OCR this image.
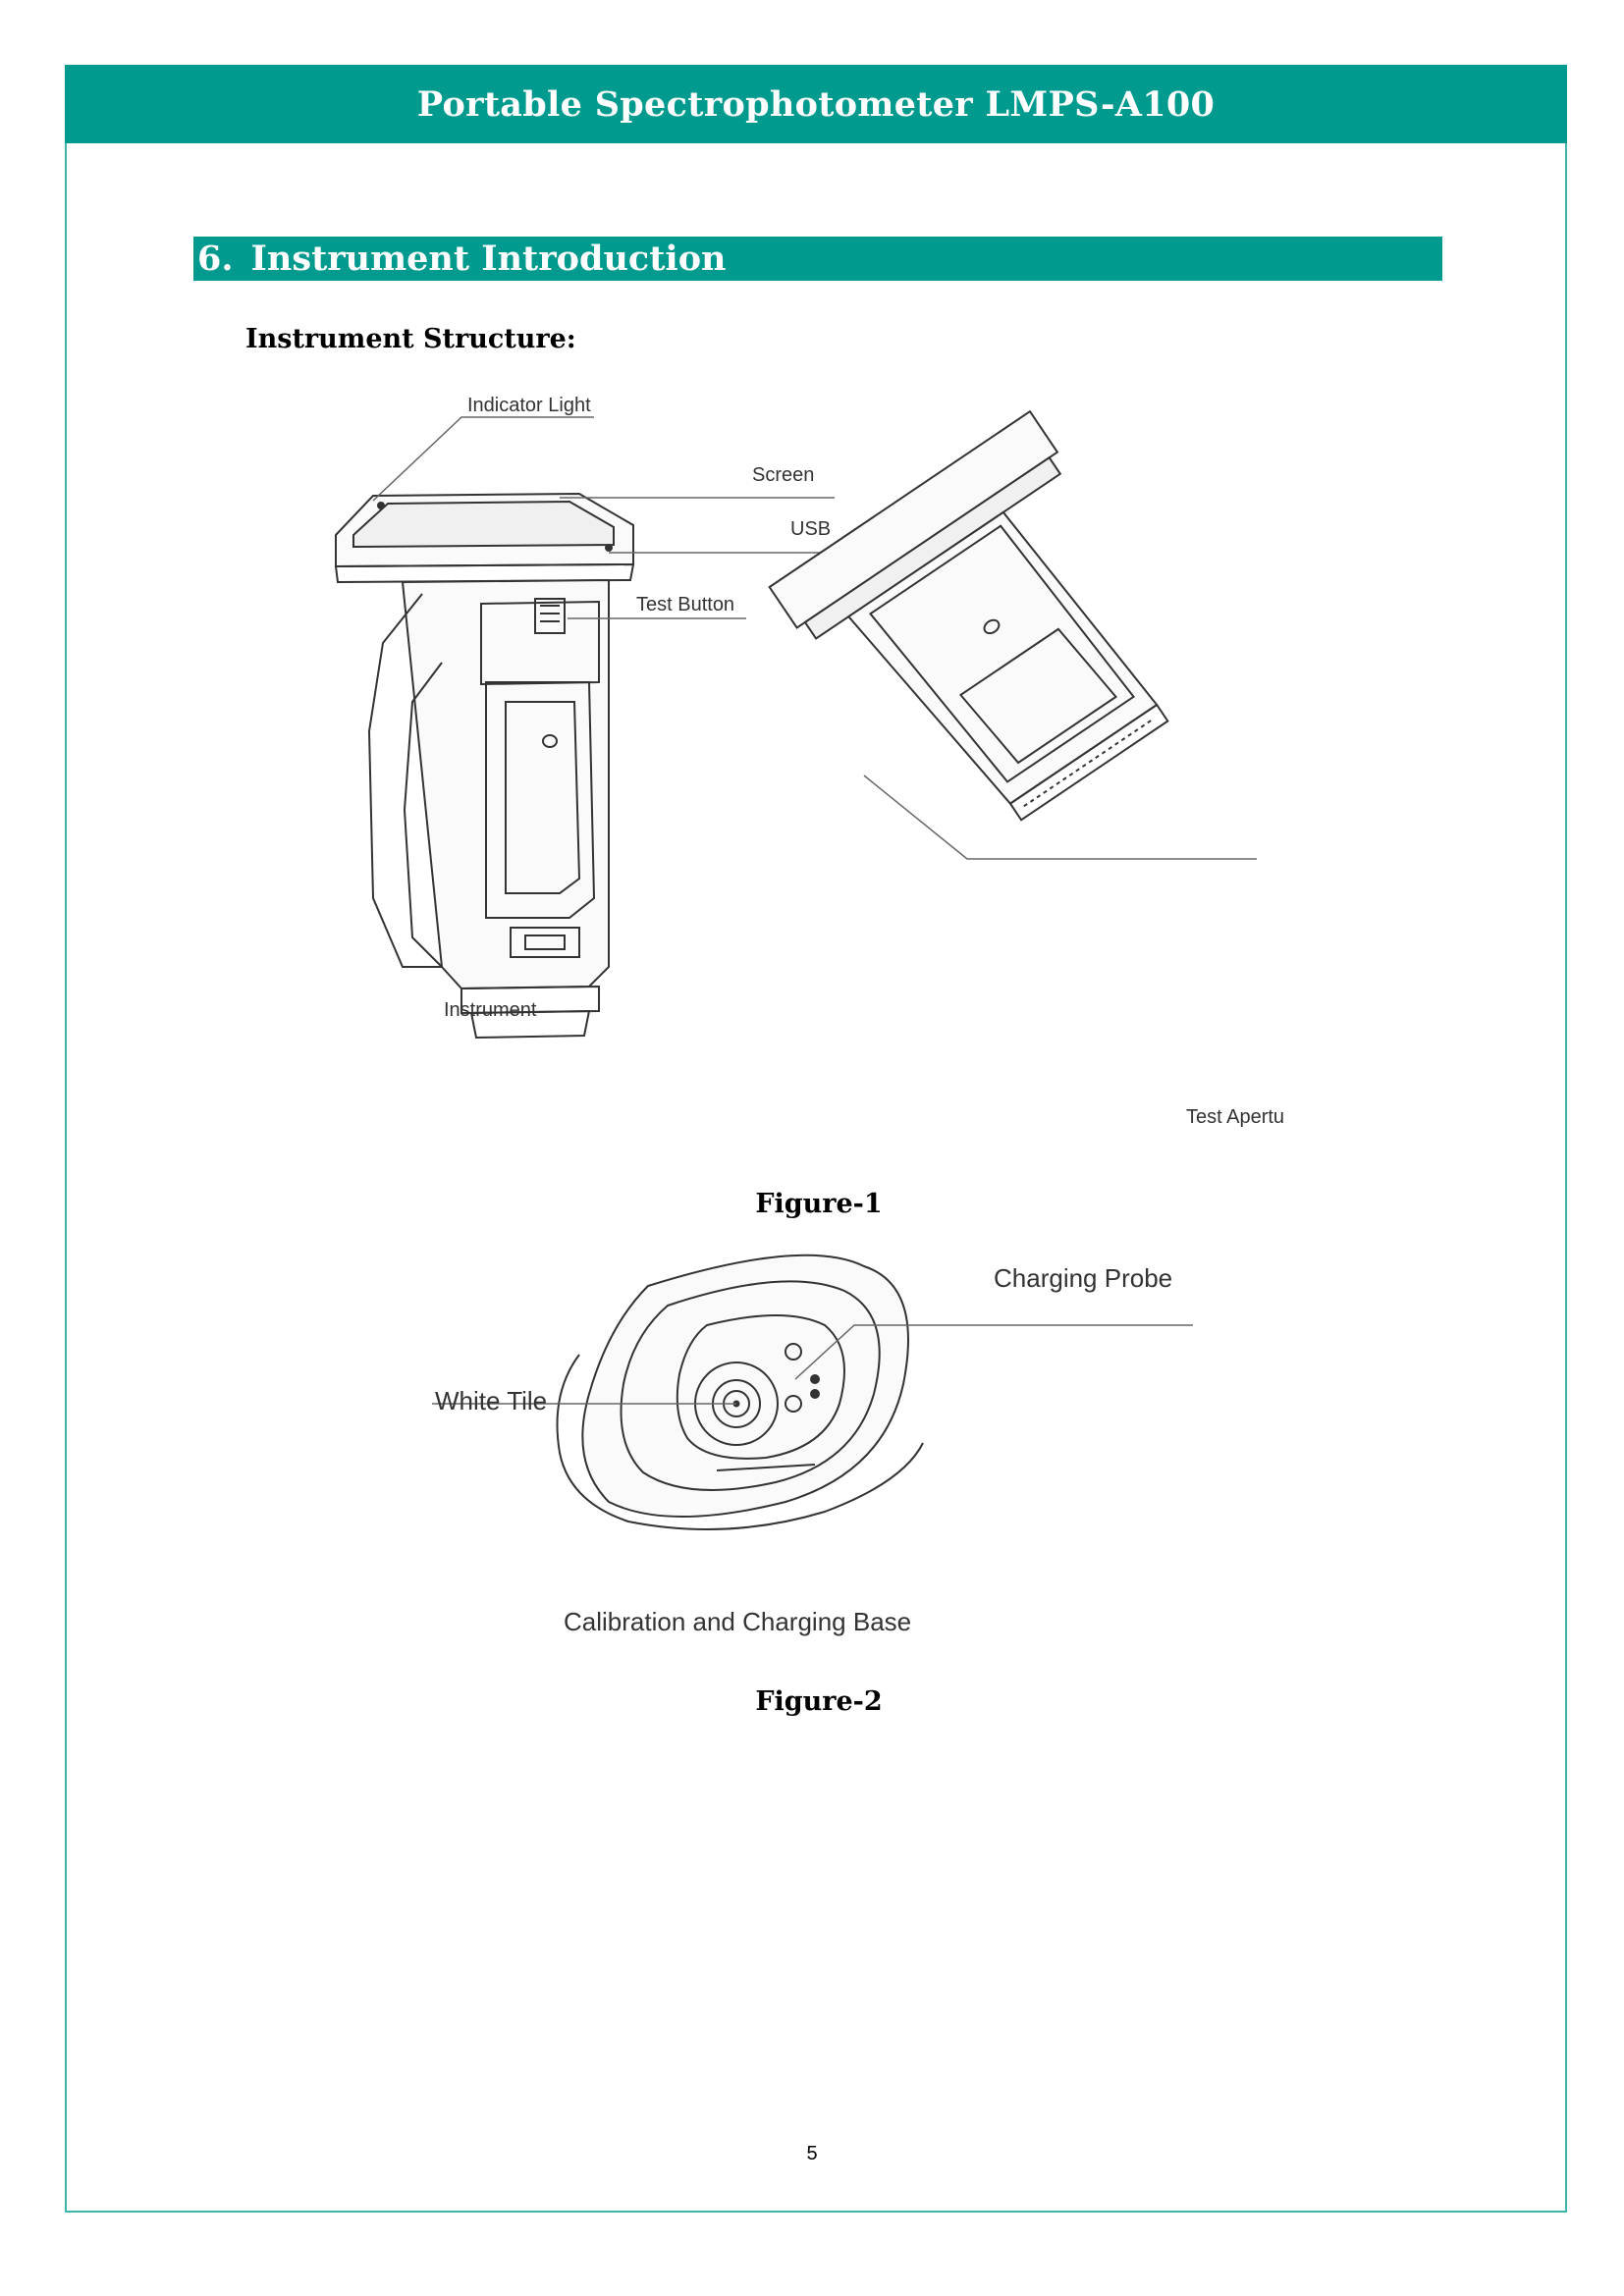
Portable Spectrophotometer LMPS-A100
6. Instrument Introduction
Instrument Structure:
Indicator Light
Screen
USB
Test Button
Instrument
Test Apertu
Figure-1
Charging Probe
White Tile
Calibration and Charging Base
Figure-2
5
